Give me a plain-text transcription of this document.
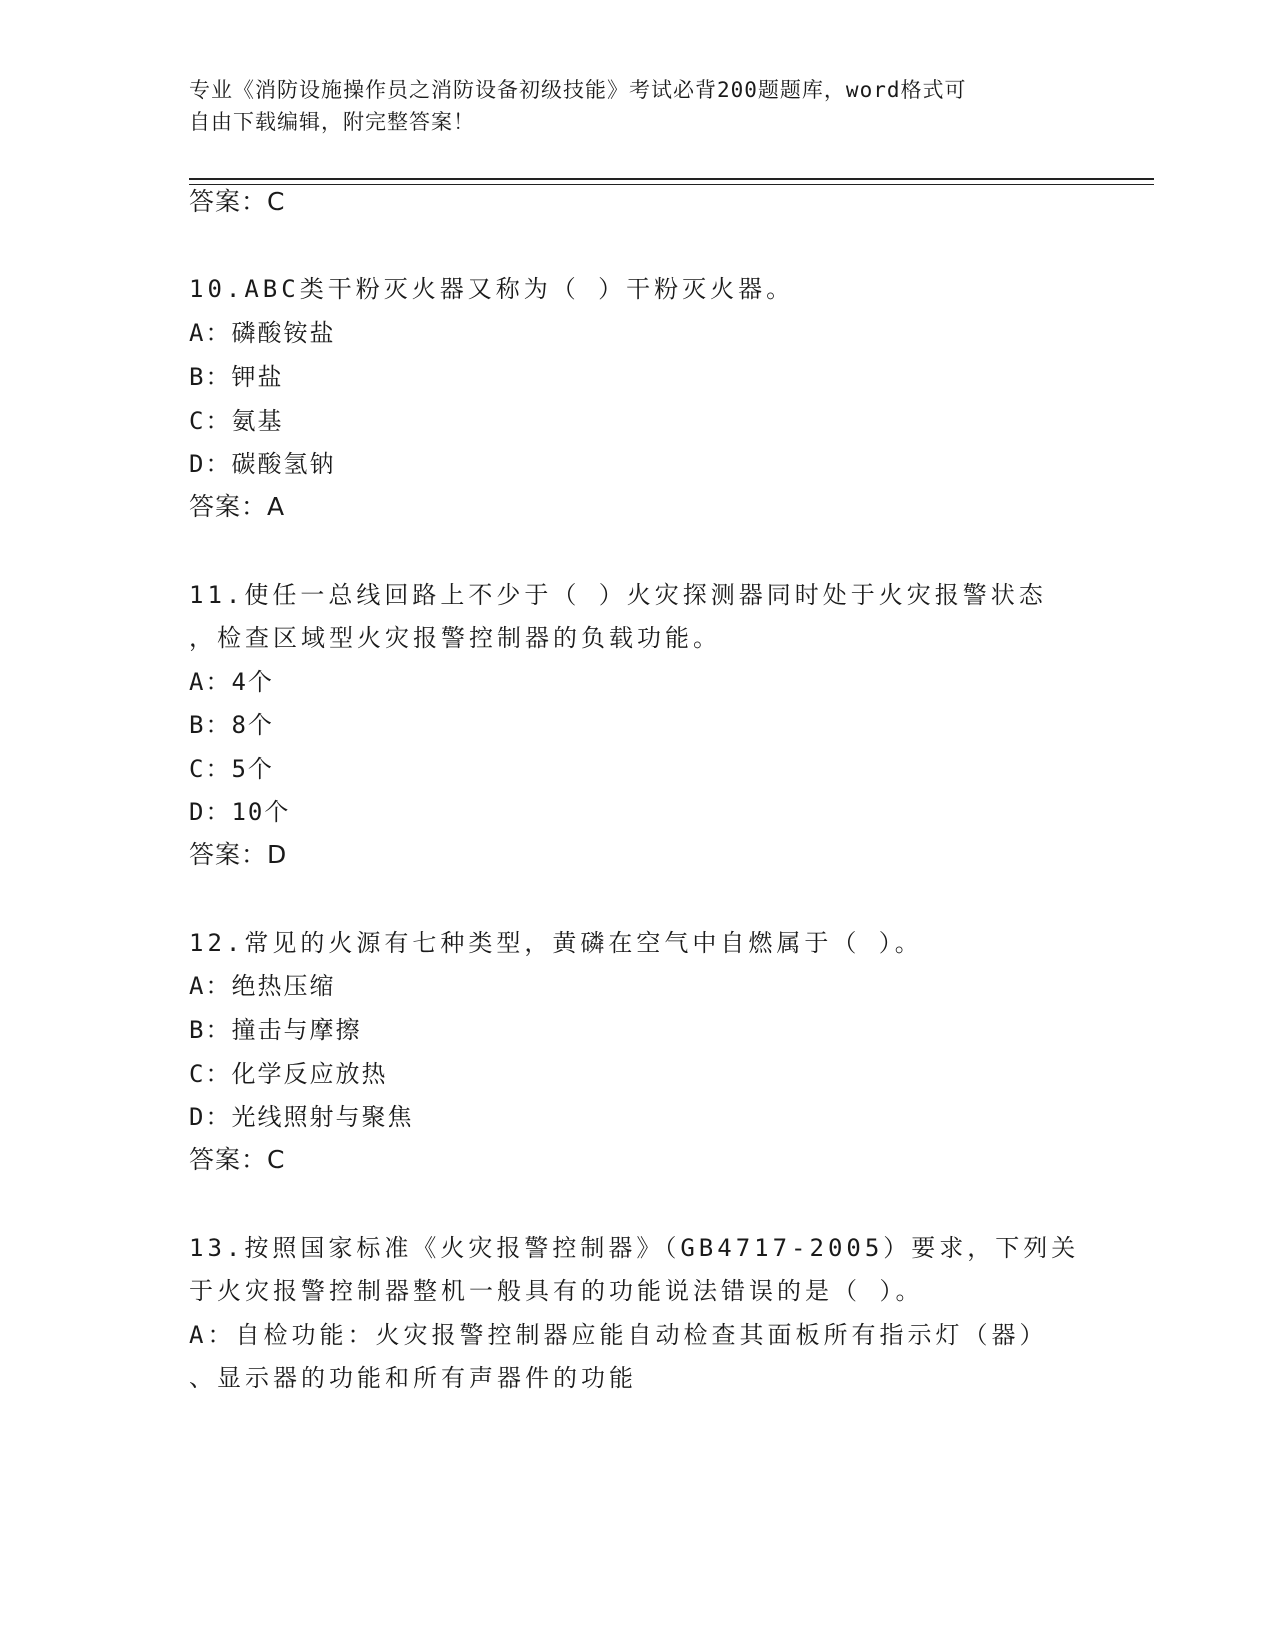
专业《消防设施操作员之消防设备初级技能》考试必背200题题库，word格式可
自由下载编辑，附完整答案！
答案：C
10.ABC类干粉灭火器又称为（ ）干粉灭火器。
A：磷酸铵盐
B：钾盐
C：氨基
D：碳酸氢钠
答案：A
11.使任一总线回路上不少于（ ）火灾探测器同时处于火灾报警状态
，检查区域型火灾报警控制器的负载功能。
A：4个
B：8个
C：5个
D：10个
答案：D
12.常见的火源有七种类型，黄磷在空气中自燃属于（ ）。
A：绝热压缩
B：撞击与摩擦
C：化学反应放热
D：光线照射与聚焦
答案：C
13.按照国家标准《火灾报警控制器》（GB4717-2005）要求，下列关
于火灾报警控制器整机一般具有的功能说法错误的是（ ）。
A：自检功能：火灾报警控制器应能自动检查其面板所有指示灯（器）
、显示器的功能和所有声器件的功能
